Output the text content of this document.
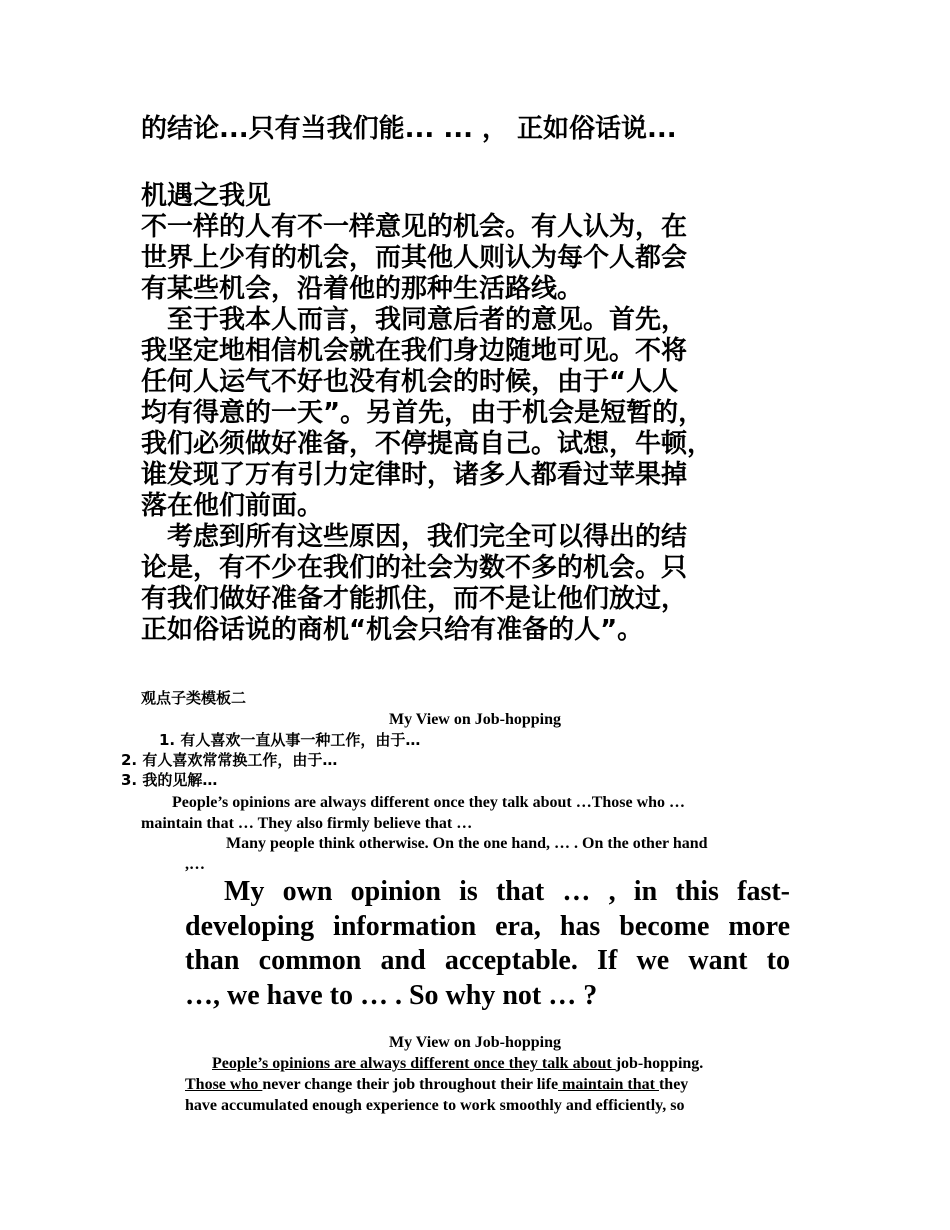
的结论...只有当我们能... ... ， 正如俗话说...
机遇之我见
不一样的人有不一样意见的机会。有人认为，在
世界上少有的机会，而其他人则认为每个人都会
有某些机会，沿着他的那种生活路线。
　至于我本人而言，我同意后者的意见。首先，
我坚定地相信机会就在我们身边随地可见。不将
任何人运气不好也没有机会的时候，由于“人人
均有得意的一天”。另首先，由于机会是短暂的，
我们必须做好准备，不停提高自己。试想，牛顿，
谁发现了万有引力定律时，诸多人都看过苹果掉
落在他们前面。
　考虑到所有这些原因，我们完全可以得出的结
论是，有不少在我们的社会为数不多的机会。只
有我们做好准备才能抓住，而不是让他们放过，
正如俗话说的商机“机会只给有准备的人”。
观点子类模板二
My View on Job-hopping
1. 有人喜欢一直从事一种工作，由于…
2. 有人喜欢常常换工作，由于…
3. 我的见解…
People’s opinions are always different once they talk about …Those who …
maintain that … They also firmly believe that …
Many people think otherwise. On the one hand, … . On the other hand
,…
My own opinion is that … , in this fast-
developing information era, has become more
than common and acceptable. If we want to
…, we have to … . So why not … ?
My View on Job-hopping
People’s opinions are always different once they talk about job-hopping.
Those who never change their job throughout their life maintain that they
have accumulated enough experience to work smoothly and efficiently, so
